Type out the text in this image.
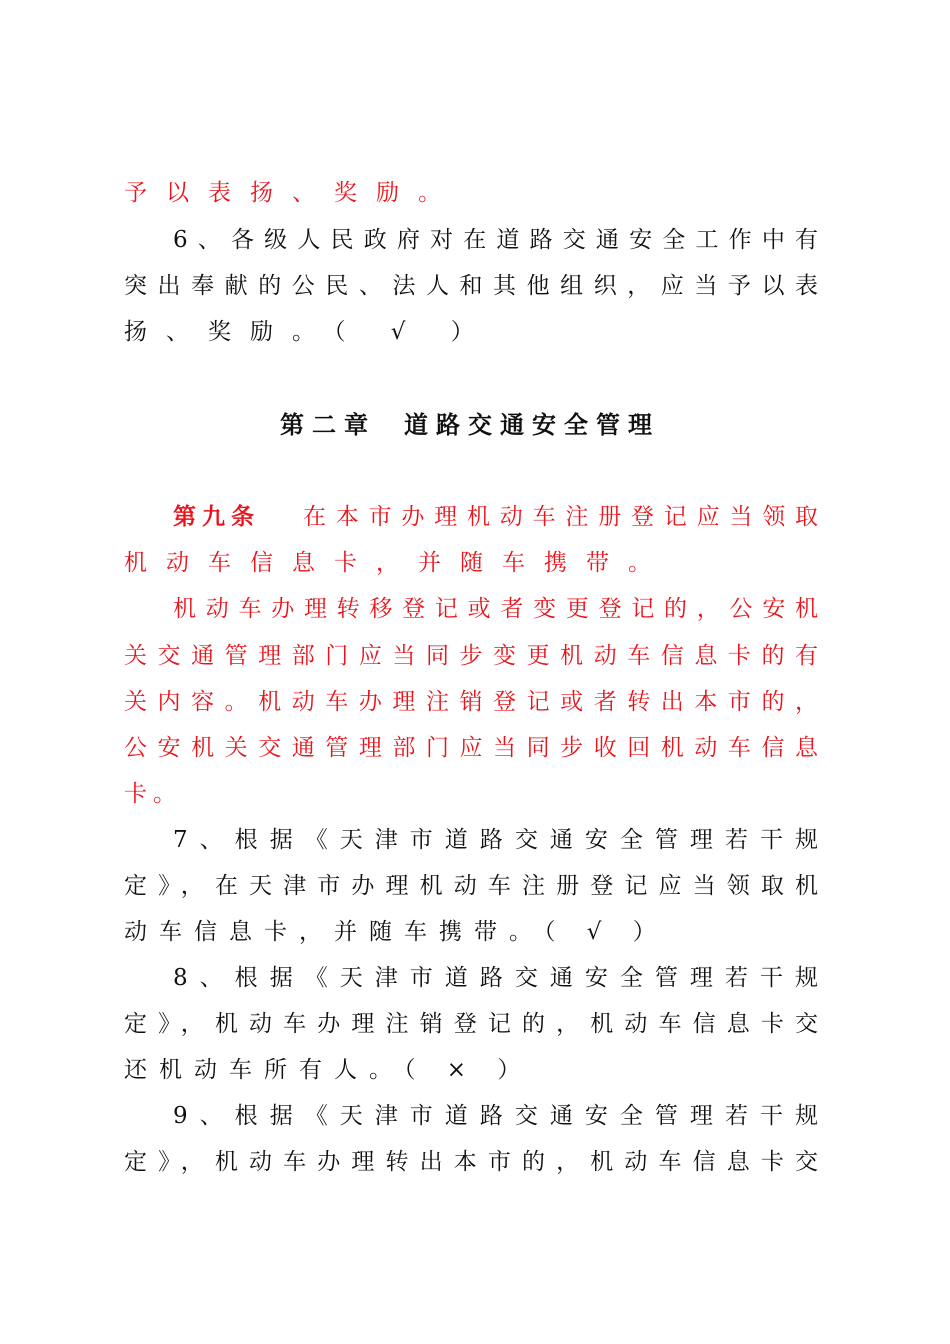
予以表扬、奖励。
6、各级人民政府对在道路交通安全工作中有
突出奉献的公民、法人和其他组织，应当予以表
扬、奖励。（ √ ）
第二章 道路交通安全管理
第九条 在本市办理机动车注册登记应当领取
机动车信息卡，并随车携带。
机动车办理转移登记或者变更登记的，公安机
关交通管理部门应当同步变更机动车信息卡的有
关内容。机动车办理注销登记或者转出本市的，
公安机关交通管理部门应当同步收回机动车信息
卡。
7、根据《天津市道路交通安全管理若干规
定》，在天津市办理机动车注册登记应当领取机
动车信息卡，并随车携带。（ √ ）
8、根据《天津市道路交通安全管理若干规
定》，机动车办理注销登记的，机动车信息卡交
还机动车所有人。（ × ）
9、根据《天津市道路交通安全管理若干规
定》，机动车办理转出本市的，机动车信息卡交
